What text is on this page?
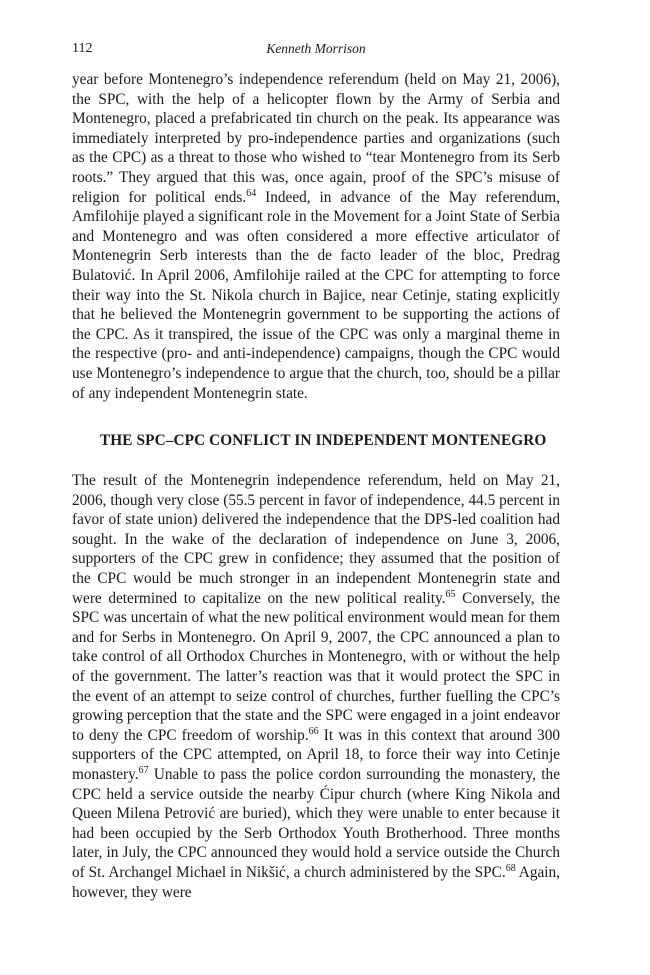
112	Kenneth Morrison

year before Montenegro’s independence referendum (held on May 21, 2006), the SPC, with the help of a helicopter flown by the Army of Serbia and Montenegro, placed a prefabricated tin church on the peak. Its appearance was immediately interpreted by pro-independence parties and organizations (such as the CPC) as a threat to those who wished to “tear Montenegro from its Serb roots.” They argued that this was, once again, proof of the SPC’s misuse of religion for political ends.$^{64}$ Indeed, in advance of the May referendum, Amfilohije played a significant role in the Movement for a Joint State of Serbia and Montenegro and was often considered a more effective articulator of Montenegrin Serb interests than the de facto leader of the bloc, Predrag Bulatović. In April 2006, Amfilohije railed at the CPC for attempting to force their way into the St. Nikola church in Bajice, near Cetinje, stating explicitly that he believed the Montenegrin government to be supporting the actions of the CPC. As it transpired, the issue of the CPC was only a marginal theme in the respective (pro- and anti-independence) campaigns, though the CPC would use Montenegro’s independence to argue that the church, too, should be a pillar of any independent Montenegrin state.

THE SPC–CPC CONFLICT IN INDEPENDENT MONTENEGRO

The result of the Montenegrin independence referendum, held on May 21, 2006, though very close (55.5 percent in favor of independence, 44.5 percent in favor of state union) delivered the independence that the DPS-led coalition had sought. In the wake of the declaration of independence on June 3, 2006, supporters of the CPC grew in confidence; they assumed that the position of the CPC would be much stronger in an independent Montenegrin state and were determined to capitalize on the new political reality.$^{65}$ Conversely, the SPC was uncertain of what the new political environment would mean for them and for Serbs in Montenegro. On April 9, 2007, the CPC announced a plan to take control of all Orthodox Churches in Montenegro, with or without the help of the government. The latter’s reaction was that it would protect the SPC in the event of an attempt to seize control of churches, further fuelling the CPC’s growing perception that the state and the SPC were engaged in a joint endeavor to deny the CPC freedom of worship.$^{66}$ It was in this context that around 300 supporters of the CPC attempted, on April 18, to force their way into Cetinje monastery.$^{67}$ Unable to pass the police cordon surrounding the monastery, the CPC held a service outside the nearby Ćipur church (where King Nikola and Queen Milena Petrović are buried), which they were unable to enter because it had been occupied by the Serb Orthodox Youth Brotherhood. Three months later, in July, the CPC announced they would hold a service outside the Church of St. Archangel Michael in Nikšić, a church administered by the SPC.$^{68}$ Again, however, they were
